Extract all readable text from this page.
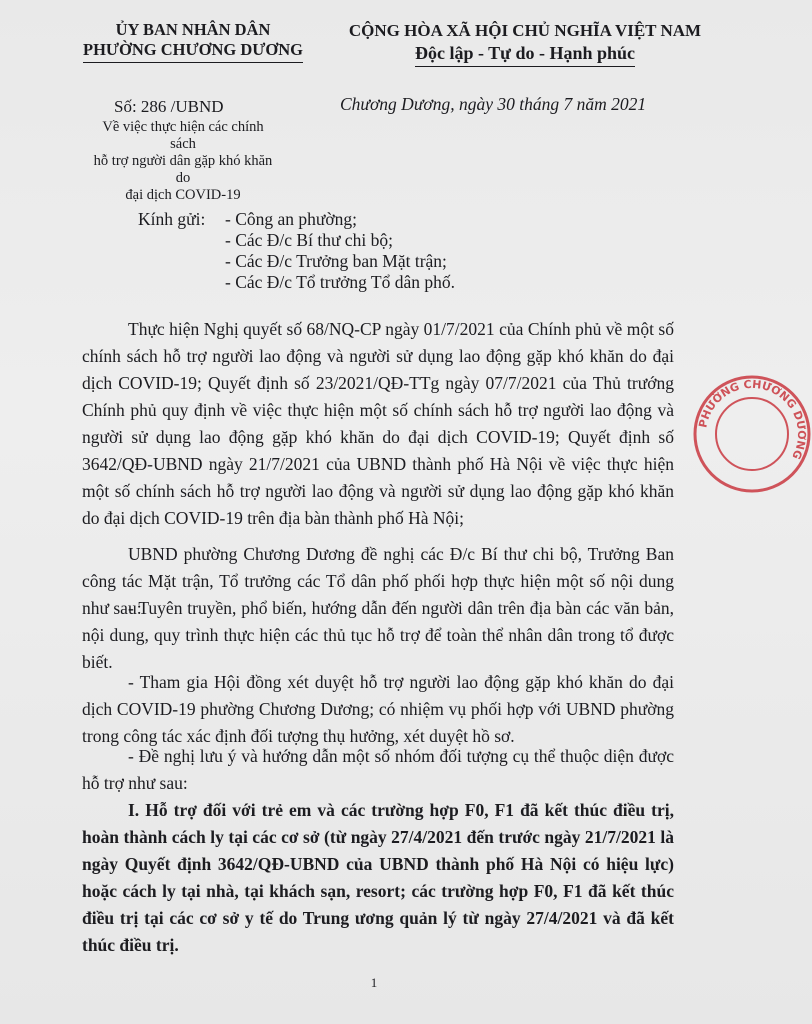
ỦY BAN NHÂN DÂN
PHƯỜNG CHƯƠNG DƯƠNG
CỘNG HÒA XÃ HỘI CHỦ NGHĨA VIỆT NAM
Độc lập - Tự do - Hạnh phúc
Số: 286 /UBND
Về việc thực hiện các chính sách
hỗ trợ người dân gặp khó khăn do
đại dịch COVID-19
Chương Dương, ngày 30 tháng 7 năm 2021
Kính gửi: - Công an phường;
- Các Đ/c Bí thư chi bộ;
- Các Đ/c Trưởng ban Mặt trận;
- Các Đ/c Tổ trưởng Tổ dân phố.

Thực hiện Nghị quyết số 68/NQ-CP ngày 01/7/2021 của Chính phủ về một số chính sách hỗ trợ người lao động và người sử dụng lao động gặp khó khăn do đại dịch COVID-19; Quyết định số 23/2021/QĐ-TTg ngày 07/7/2021 của Thủ trướng Chính phủ quy định về việc thực hiện một số chính sách hỗ trợ người lao động và người sử dụng lao động gặp khó khăn do đại dịch COVID-19; Quyết định số 3642/QĐ-UBND ngày 21/7/2021 của UBND thành phố Hà Nội về việc thực hiện một số chính sách hỗ trợ người lao động và người sử dụng lao động gặp khó khăn do đại dịch COVID-19 trên địa bàn thành phố Hà Nội;

UBND phường Chương Dương đề nghị các Đ/c Bí thư chi bộ, Trưởng Ban công tác Mặt trận, Tổ trưởng các Tổ dân phố phối hợp thực hiện một số nội dung như sau:

- Tuyên truyền, phổ biến, hướng dẫn đến người dân trên địa bàn các văn bản, nội dung, quy trình thực hiện các thủ tục hỗ trợ để toàn thể nhân dân trong tổ được biết.

- Tham gia Hội đồng xét duyệt hỗ trợ người lao động gặp khó khăn do đại dịch COVID-19 phường Chương Dương; có nhiệm vụ phối hợp với UBND phường trong công tác xác định đối tượng thụ hưởng, xét duyệt hồ sơ.

- Đề nghị lưu ý và hướng dẫn một số nhóm đối tượng cụ thể thuộc diện được hỗ trợ như sau:

I. Hỗ trợ đối với trẻ em và các trường hợp F0, F1 đã kết thúc điều trị, hoàn thành cách ly tại các cơ sở (từ ngày 27/4/2021 đến trước ngày 21/7/2021 là ngày Quyết định 3642/QĐ-UBND của UBND thành phố Hà Nội có hiệu lực) hoặc cách ly tại nhà, tại khách sạn, resort; các trường hợp F0, F1 đã kết thúc điều trị tại các cơ sở y tế do Trung ương quản lý từ ngày 27/4/2021 và đã kết thúc điều trị.

1
PHƯỜNG CHƯƠNG DƯƠNG
